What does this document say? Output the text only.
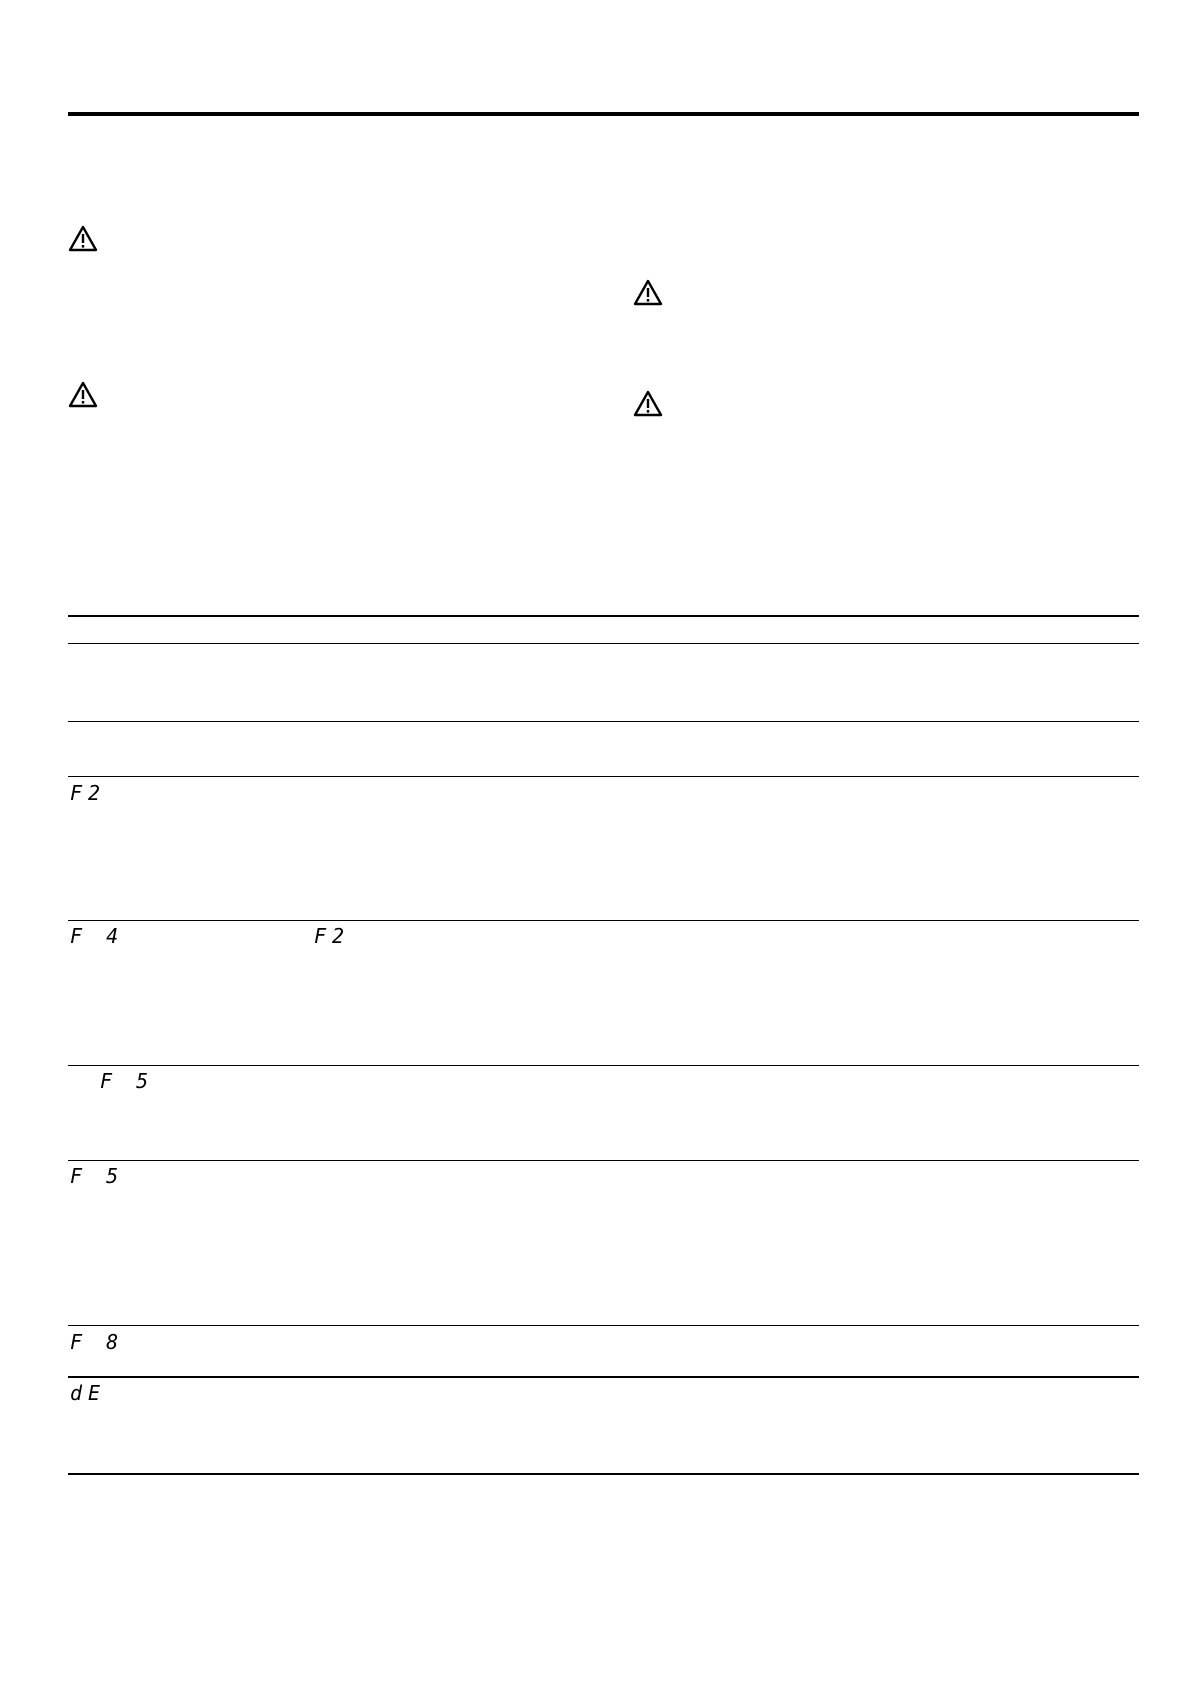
F2
F 4	F2
F 5
F 5
F 8
dE
